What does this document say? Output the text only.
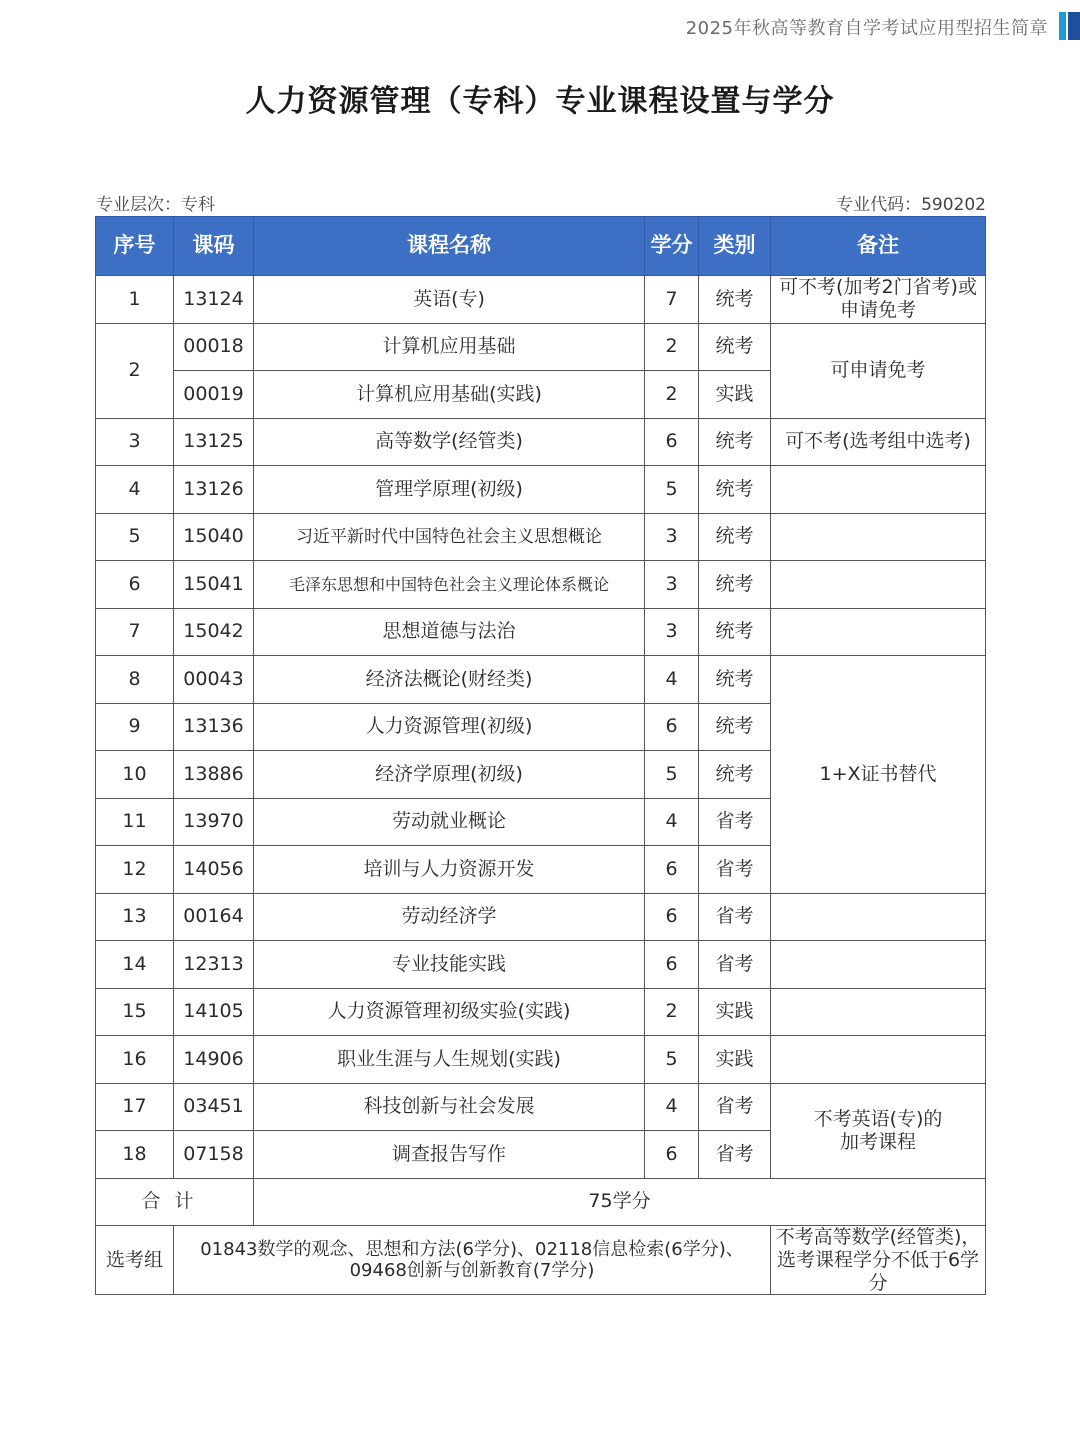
2025年秋高等教育自学考试应用型招生简章
人力资源管理（专科）专业课程设置与学分
专业层次：专科	专业代码：590202
序号	课码	课程名称	学分	类别	备注
1	13124	英语(专)	7	统考	可不考(加考2门省考)或申请免考
2	00018	计算机应用基础	2	统考	可申请免考
	00019	计算机应用基础(实践)	2	实践	
3	13125	高等数学(经管类)	6	统考	可不考(选考组中选考)
4	13126	管理学原理(初级)	5	统考	
5	15040	习近平新时代中国特色社会主义思想概论	3	统考	
6	15041	毛泽东思想和中国特色社会主义理论体系概论	3	统考	
7	15042	思想道德与法治	3	统考	
8	00043	经济法概论(财经类)	4	统考	1+X证书替代
9	13136	人力资源管理(初级)	6	统考	
10	13886	经济学原理(初级)	5	统考	
11	13970	劳动就业概论	4	省考	
12	14056	培训与人力资源开发	6	省考	
13	00164	劳动经济学	6	省考	
14	12313	专业技能实践	6	省考	
15	14105	人力资源管理初级实验(实践)	2	实践	
16	14906	职业生涯与人生规划(实践)	5	实践	
17	03451	科技创新与社会发展	4	省考	不考英语(专)的加考课程
18	07158	调查报告写作	6	省考	
合计		75学分			
选考组	01843数学的观念、思想和方法(6学分)、02118信息检索(6学分)、09468创新与创新教育(7学分)				不考高等数学(经管类)，选考课程学分不低于6学分
